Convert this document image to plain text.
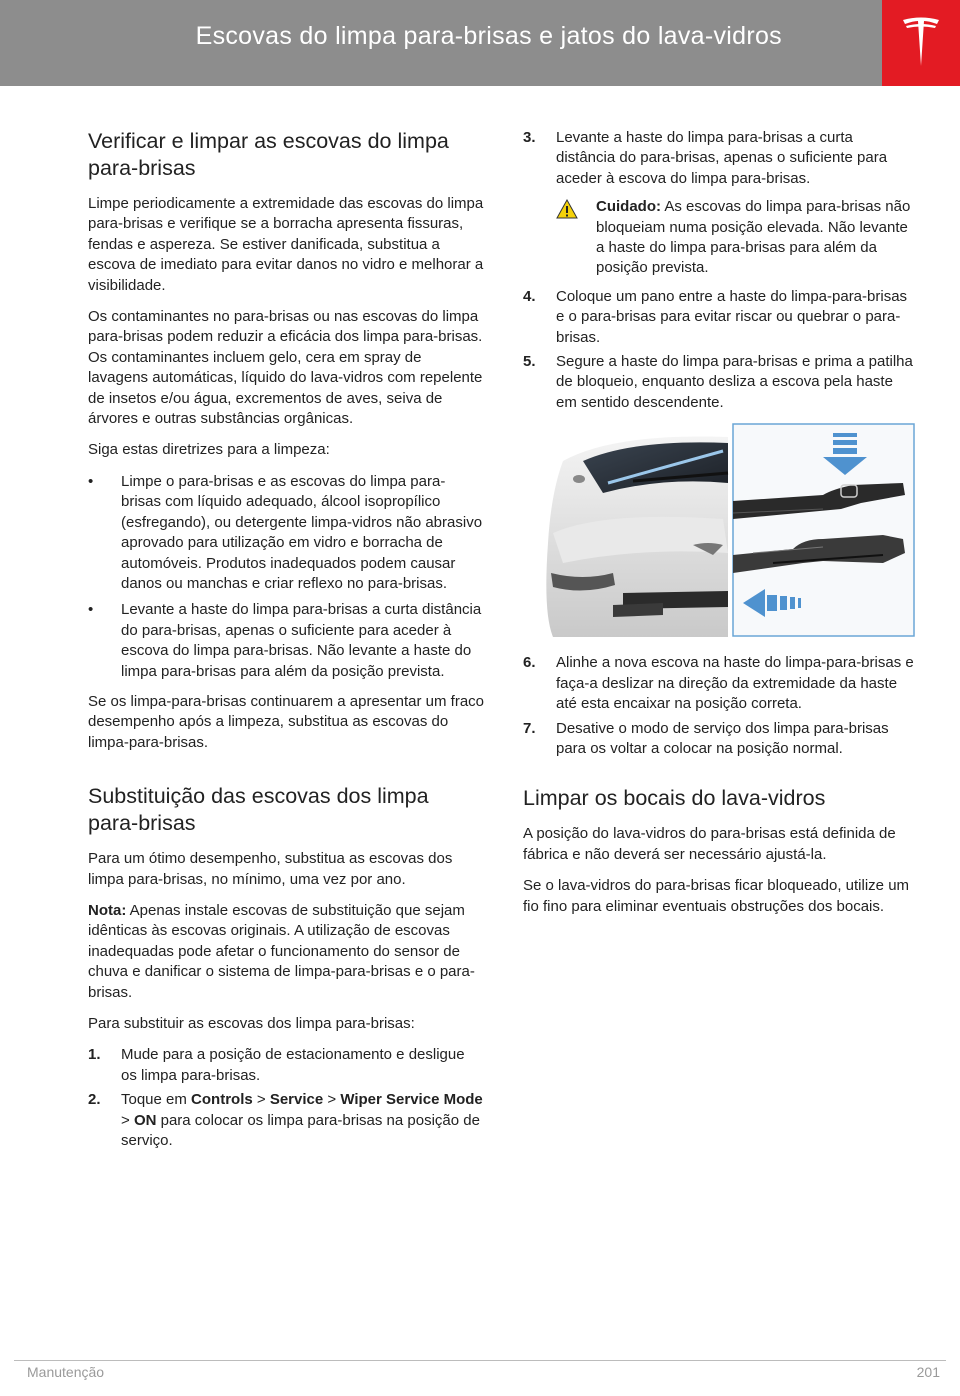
Escovas do limpa para-brisas e jatos do lava-vidros
Verificar e limpar as escovas do limpa para-brisas

Limpe periodicamente a extremidade das escovas do limpa para-brisas e verifique se a borracha apresenta fissuras, fendas e aspereza. Se estiver danificada, substitua a escova de imediato para evitar danos no vidro e melhorar a visibilidade.

Os contaminantes no para-brisas ou nas escovas do limpa para-brisas podem reduzir a eficácia dos limpa para-brisas. Os contaminantes incluem gelo, cera em spray de lavagens automáticas, líquido do lava-vidros com repelente de insetos e/ou água, excrementos de aves, seiva de árvores e outras substâncias orgânicas.

Siga estas diretrizes para a limpeza:

• Limpe o para-brisas e as escovas do limpa para-brisas com líquido adequado, álcool isopropílico (esfregando), ou detergente limpa-vidros não abrasivo aprovado para utilização em vidro e borracha de automóveis. Produtos inadequados podem causar danos ou manchas e criar reflexo no para-brisas.
• Levante a haste do limpa para-brisas a curta distância do para-brisas, apenas o suficiente para aceder à escova do limpa para-brisas. Não levante a haste do limpa para-brisas para além da posição prevista.

Se os limpa-para-brisas continuarem a apresentar um fraco desempenho após a limpeza, substitua as escovas do limpa-para-brisas.

Substituição das escovas dos limpa para-brisas

Para um ótimo desempenho, substitua as escovas dos limpa para-brisas, no mínimo, uma vez por ano.

Nota: Apenas instale escovas de substituição que sejam idênticas às escovas originais. A utilização de escovas inadequadas pode afetar o funcionamento do sensor de chuva e danificar o sistema de limpa-para-brisas e o para-brisas.

Para substituir as escovas dos limpa para-brisas:

1. Mude para a posição de estacionamento e desligue os limpa para-brisas.
2. Toque em Controls > Service > Wiper Service Mode > ON para colocar os limpa para-brisas na posição de serviço.
3. Levante a haste do limpa para-brisas a curta distância do para-brisas, apenas o suficiente para aceder à escova do limpa para-brisas.
Cuidado: As escovas do limpa para-brisas não bloqueiam numa posição elevada. Não levante a haste do limpa para-brisas para além da posição prevista.
4. Coloque um pano entre a haste do limpa-para-brisas e o para-brisas para evitar riscar ou quebrar o para-brisas.
5. Segure a haste do limpa para-brisas e prima a patilha de bloqueio, enquanto desliza a escova pela haste em sentido descendente.
6. Alinhe a nova escova na haste do limpa-para-brisas e faça-a deslizar na direção da extremidade da haste até esta encaixar na posição correta.
7. Desative o modo de serviço dos limpa para-brisas para os voltar a colocar na posição normal.
Limpar os bocais do lava-vidros

A posição do lava-vidros do para-brisas está definida de fábrica e não deverá ser necessário ajustá-la.

Se o lava-vidros do para-brisas ficar bloqueado, utilize um fio fino para eliminar eventuais obstruções dos bocais.

Manutenção	201
